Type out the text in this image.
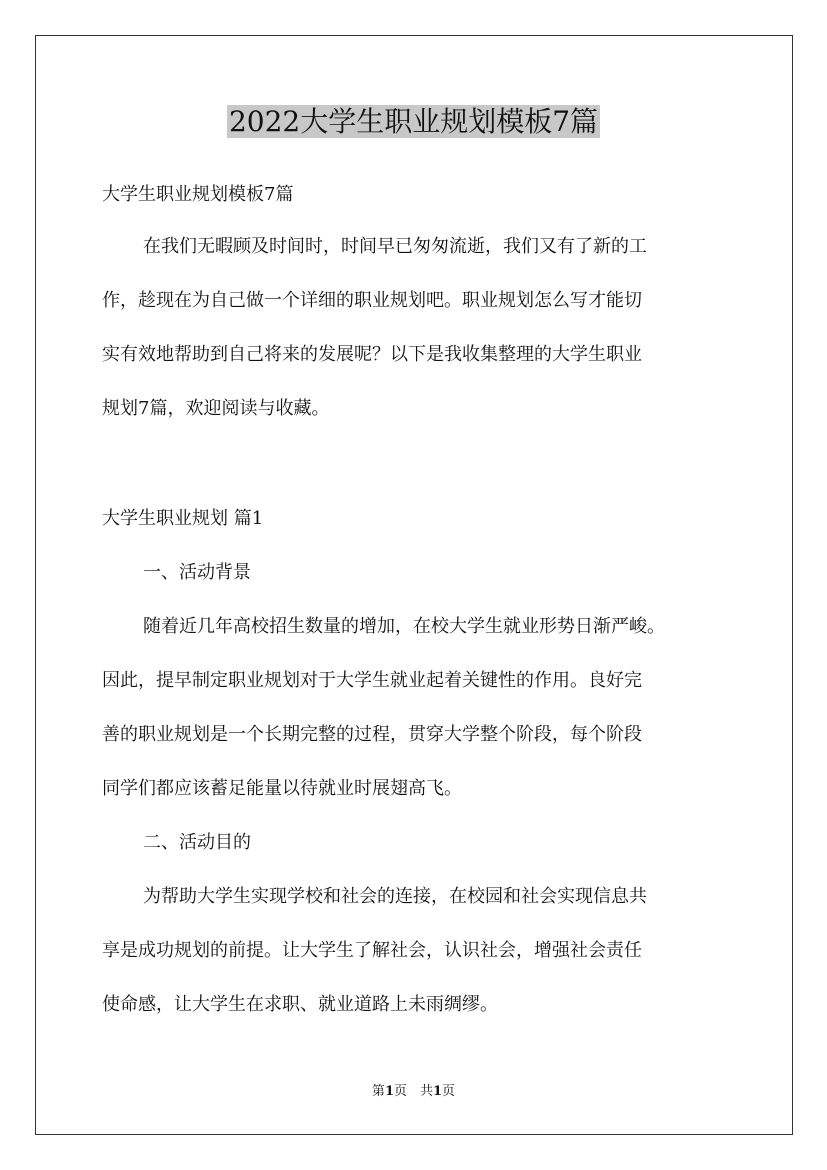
2022大学生职业规划模板7篇
大学生职业规划模板7篇
在我们无暇顾及时间时，时间早已匆匆流逝，我们又有了新的工
作，趁现在为自己做一个详细的职业规划吧。职业规划怎么写才能切
实有效地帮助到自己将来的发展呢？以下是我收集整理的大学生职业
规划7篇，欢迎阅读与收藏。
大学生职业规划 篇1
一、活动背景
随着近几年高校招生数量的增加，在校大学生就业形势日渐严峻。
因此，提早制定职业规划对于大学生就业起着关键性的作用。良好完
善的职业规划是一个长期完整的过程，贯穿大学整个阶段，每个阶段
同学们都应该蓄足能量以待就业时展翅高飞。
二、活动目的
为帮助大学生实现学校和社会的连接，在校园和社会实现信息共
享是成功规划的前提。让大学生了解社会，认识社会，增强社会责任
使命感，让大学生在求职、就业道路上未雨绸缪。
第1页　共1页
